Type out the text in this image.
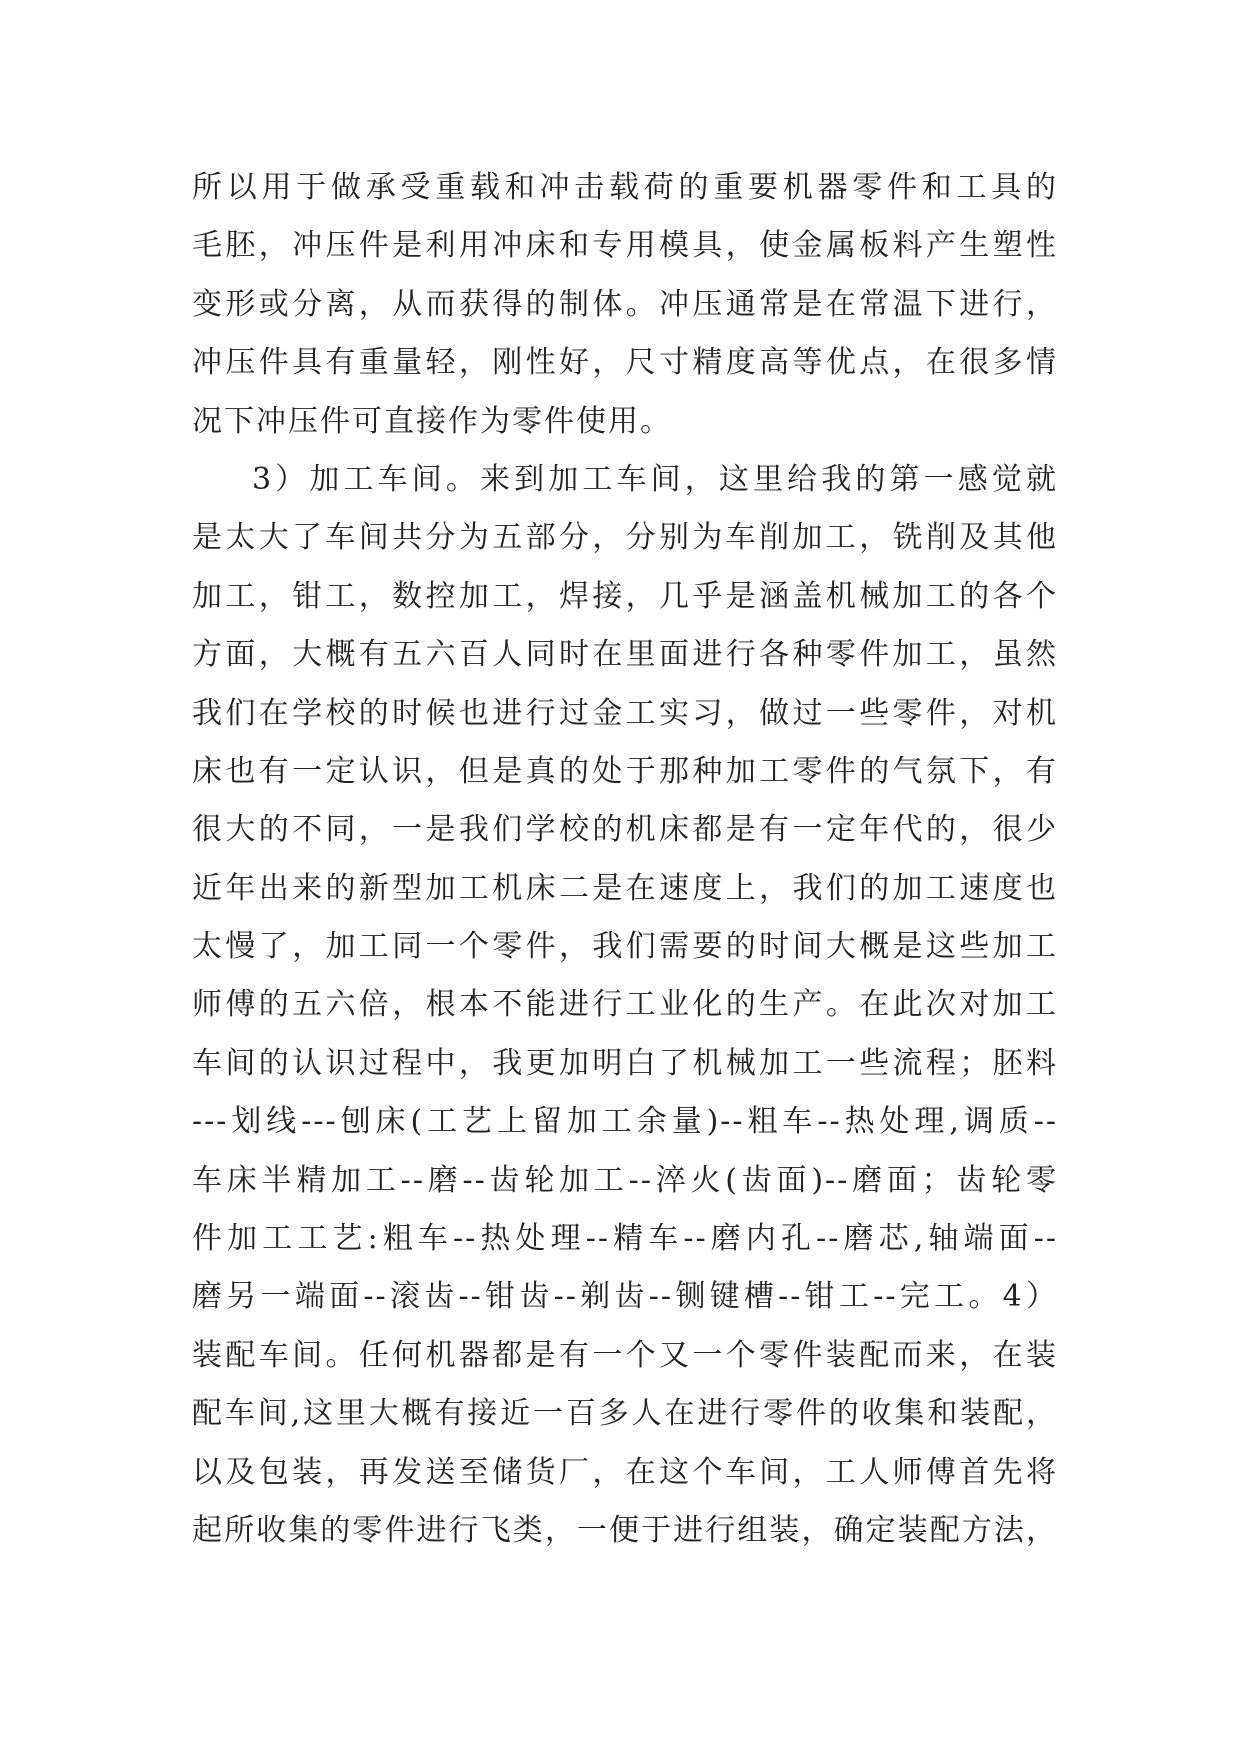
所以用于做承受重载和冲击载荷的重要机器零件和工具的
毛胚，冲压件是利用冲床和专用模具，使金属板料产生塑性
变形或分离，从而获得的制体。冲压通常是在常温下进行，
冲压件具有重量轻，刚性好，尺寸精度高等优点，在很多情
况下冲压件可直接作为零件使用。
3）加工车间。来到加工车间，这里给我的第一感觉就
是太大了车间共分为五部分，分别为车削加工，铣削及其他
加工，钳工，数控加工，焊接，几乎是涵盖机械加工的各个
方面，大概有五六百人同时在里面进行各种零件加工，虽然
我们在学校的时候也进行过金工实习，做过一些零件，对机
床也有一定认识，但是真的处于那种加工零件的气氛下，有
很大的不同，一是我们学校的机床都是有一定年代的，很少
近年出来的新型加工机床二是在速度上，我们的加工速度也
太慢了，加工同一个零件，我们需要的时间大概是这些加工
师傅的五六倍，根本不能进行工业化的生产。在此次对加工
车间的认识过程中，我更加明白了机械加工一些流程；胚料
---划线---刨床(工艺上留加工余量)--粗车--热处理,调质--
车床半精加工--磨--齿轮加工--淬火(齿面)--磨面；齿轮零
件加工工艺:粗车--热处理--精车--磨内孔--磨芯,轴端面--
磨另一端面--滚齿--钳齿--剃齿--铡键槽--钳工--完工。4）
装配车间。任何机器都是有一个又一个零件装配而来，在装
配车间,这里大概有接近一百多人在进行零件的收集和装配，
以及包装，再发送至储货厂，在这个车间，工人师傅首先将
起所收集的零件进行飞类，一便于进行组装，确定装配方法，
